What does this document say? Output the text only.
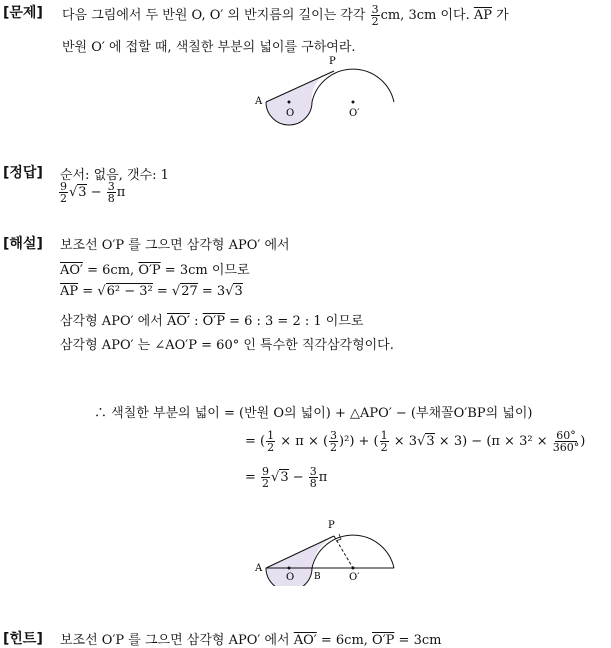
[문제] 다음 그림에서 두 반원 O, O′ 의 반지름의 길이는 각각 $\frac{3}{2}$ cm, 3cm 이다. $\overline{AP}$ 가
반원 O′ 에 접할 때, 색칠한 부분의 넓이를 구하여라.
A
P
O	O′
[정답] 순서: 없음, 갯수: 1
$\frac{9}{2} √3 - \frac{3}{8}$ π
[해설] 보조선 O′P 를 그으면 삼각형 APO′ 에서
AO′ = 6cm, O′P = 3cm 이므로
$\overline{AP} = √6^2 - 3^2 = √27 = 3√3$
삼각형 APO′ 에서 AO′ : O′P = 6 : 3 = 2 : 1 이므로
삼각형 APO′ 는 ∠AO′P = 60° 인 특수한 직각삼각형이다.
∴ 색칠한 부분의 넓이 = (반원 O의 넓이) + △APO′ − (부채꼴O′BP의 넓이)
= ( $\frac{1}{2} \times \pi$ × ( $\frac{3}{2} )^2$) + ( $\frac{1}{2} \times 3√3 \times 3) - (\pi \times 3^2 \times \frac{60^\circ}{360^\circ}$ )
= $\frac{9}{2} √3 - \frac{3}{8}$ π
A
P
O B	O′
[힌트] 보조선 O′P 를 그으면 삼각형 APO′ 에서 AO′ = 6cm, O′P = 3cm
